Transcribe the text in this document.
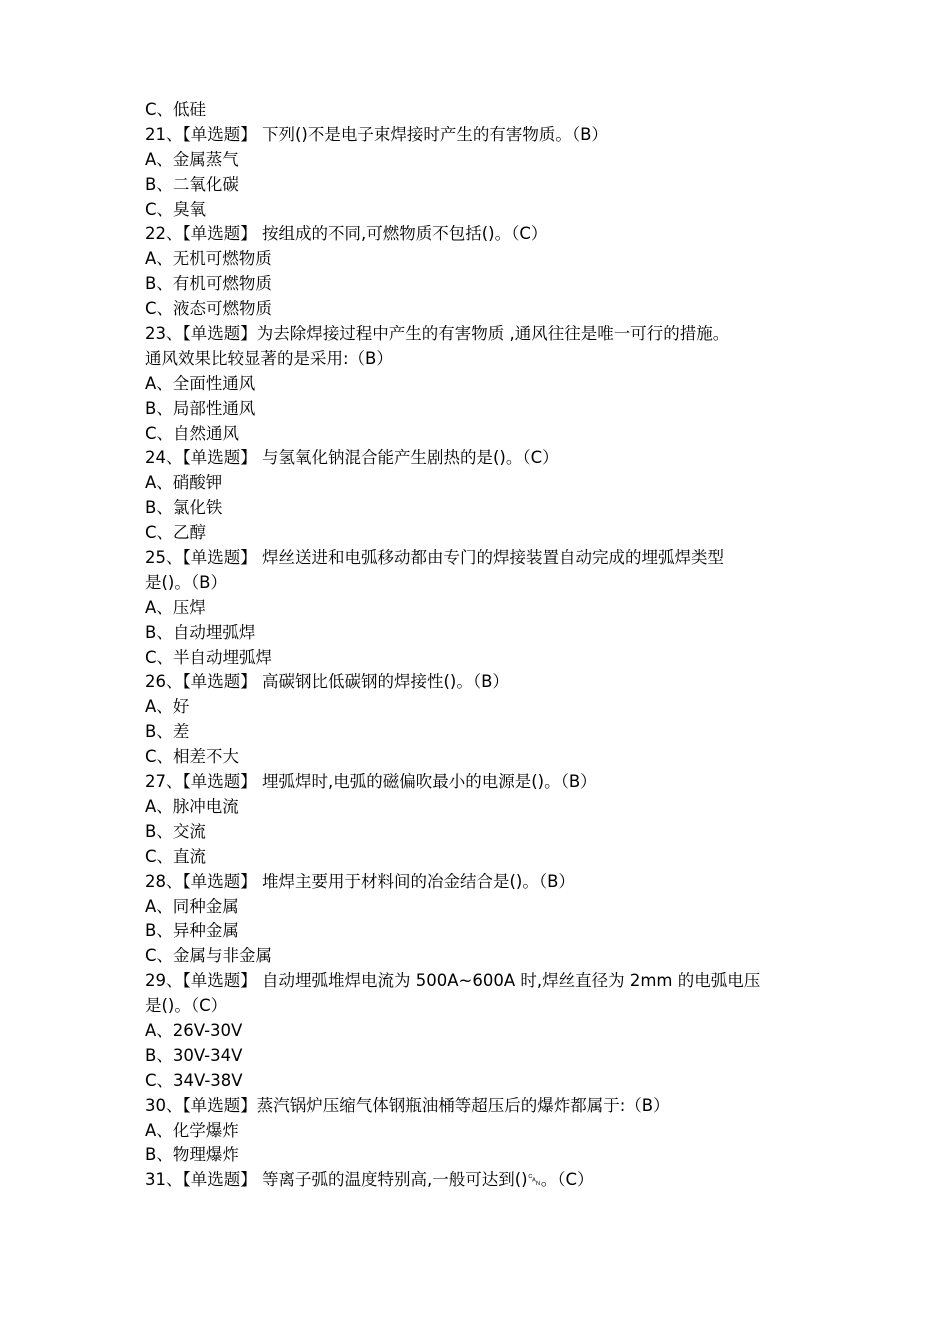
C、低硅
21、【单选题】 下列()不是电子束焊接时产生的有害物质。（B）
A、金属蒸气
B、二氧化碳
C、臭氧
22、【单选题】 按组成的不同,可燃物质不包括()。（C）
A、无机可燃物质
B、有机可燃物质
C、液态可燃物质
23、【单选题】为去除焊接过程中产生的有害物质 ,通风往往是唯一可行的措施。
通风效果比较显著的是采用:（B）
A、全面性通风
B、局部性通风
C、自然通风
24、【单选题】 与氢氧化钠混合能产生剧热的是()。（C）
A、硝酸钾
B、氯化铁
C、乙醇
25、【单选题】 焊丝送进和电弧移动都由专门的焊接装置自动完成的埋弧焊类型
是()。（B）
A、压焊
B、自动埋弧焊
C、半自动埋弧焊
26、【单选题】 高碳钢比低碳钢的焊接性()。（B）
A、好
B、差
C、相差不大
27、【单选题】 埋弧焊时,电弧的磁偏吹最小的电源是()。（B）
A、脉冲电流
B、交流
C、直流
28、【单选题】 堆焊主要用于材料间的冶金结合是()。（B）
A、同种金属
B、异种金属
C、金属与非金属
29、【单选题】 自动埋弧堆焊电流为 500A~600A 时,焊丝直径为 2mm 的电弧电压
是()。（C）
A、26V-30V
B、30V-34V
C、34V-38V
30、【单选题】蒸汽锅炉压缩气体钢瓶油桶等超压后的爆炸都属于:（B）
A、化学爆炸
B、物理爆炸
31、【单选题】 等离子弧的温度特别高,一般可达到()␘。（C）
